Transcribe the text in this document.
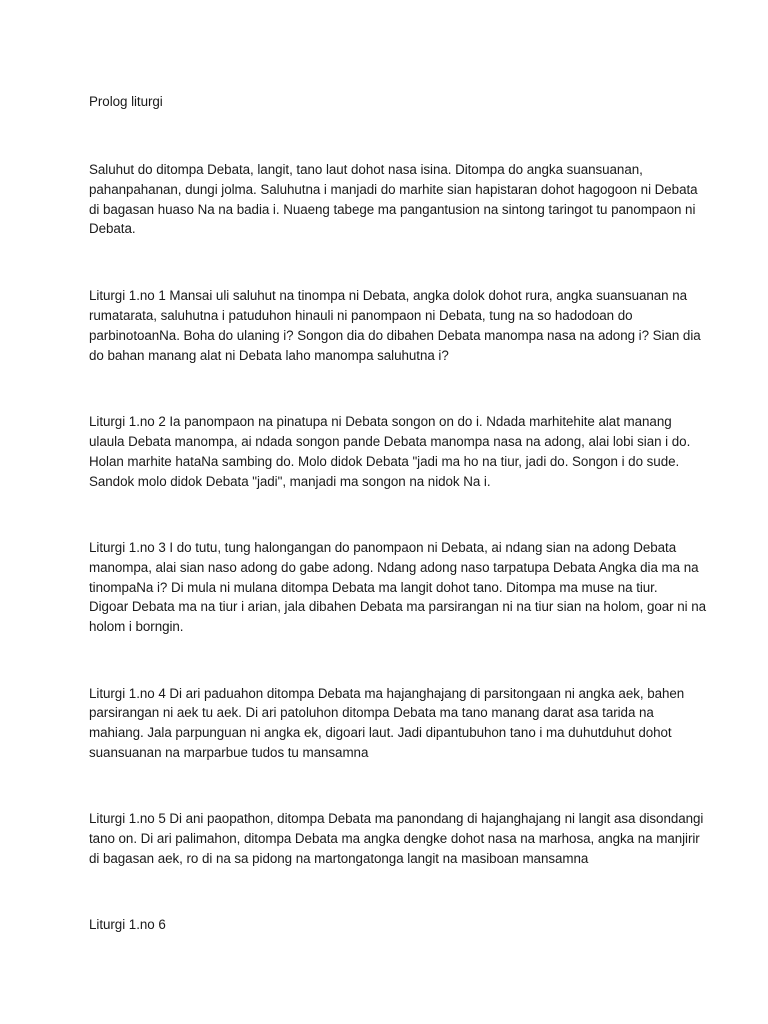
Prolog liturgi
Saluhut do ditompa Debata, langit, tano laut dohot nasa isina. Ditompa do angka suansuanan,
pahanpahanan, dungi jolma. Saluhutna i manjadi do marhite sian hapistaran dohot hagogoon ni Debata
di bagasan huaso Na na badia i. Nuaeng tabege ma pangantusion na sintong taringot tu panompaon ni
Debata.
Liturgi 1.no 1 Mansai uli saluhut na tinompa ni Debata, angka dolok dohot rura, angka suansuanan na
rumatarata, saluhutna i patuduhon hinauli ni panompaon ni Debata, tung na so hadodoan do
parbinotoanNa. Boha do ulaning i? Songon dia do dibahen Debata manompa nasa na adong i? Sian dia
do bahan manang alat ni Debata laho manompa saluhutna i?
Liturgi 1.no 2 Ia panompaon na pinatupa ni Debata songon on do i. Ndada marhitehite alat manang
ulaula Debata manompa, ai ndada songon pande Debata manompa nasa na adong, alai lobi sian i do.
Holan marhite hataNa sambing do. Molo didok Debata "jadi ma ho na tiur, jadi do. Songon i do sude.
Sandok molo didok Debata "jadi", manjadi ma songon na nidok Na i.
Liturgi 1.no 3 I do tutu, tung halongangan do panompaon ni Debata, ai ndang sian na adong Debata
manompa, alai sian naso adong do gabe adong. Ndang adong naso tarpatupa Debata Angka dia ma na
tinompaNa i? Di mula ni mulana ditompa Debata ma langit dohot tano. Ditompa ma muse na tiur.
Digoar Debata ma na tiur i arian, jala dibahen Debata ma parsirangan ni na tiur sian na holom, goar ni na
holom i borngin.
Liturgi 1.no 4 Di ari paduahon ditompa Debata ma hajanghajang di parsitongaan ni angka aek, bahen
parsirangan ni aek tu aek. Di ari patoluhon ditompa Debata ma tano manang darat asa tarida na
mahiang. Jala parpunguan ni angka ek, digoari laut. Jadi dipantubuhon tano i ma duhutduhut dohot
suansuanan na marparbue tudos tu mansamna
Liturgi 1.no 5 Di ani paopathon, ditompa Debata ma panondang di hajanghajang ni langit asa disondangi
tano on. Di ari palimahon, ditompa Debata ma angka dengke dohot nasa na marhosa, angka na manjirir
di bagasan aek, ro di na sa pidong na martongatonga langit na masiboan mansamna
Liturgi 1.no 6
